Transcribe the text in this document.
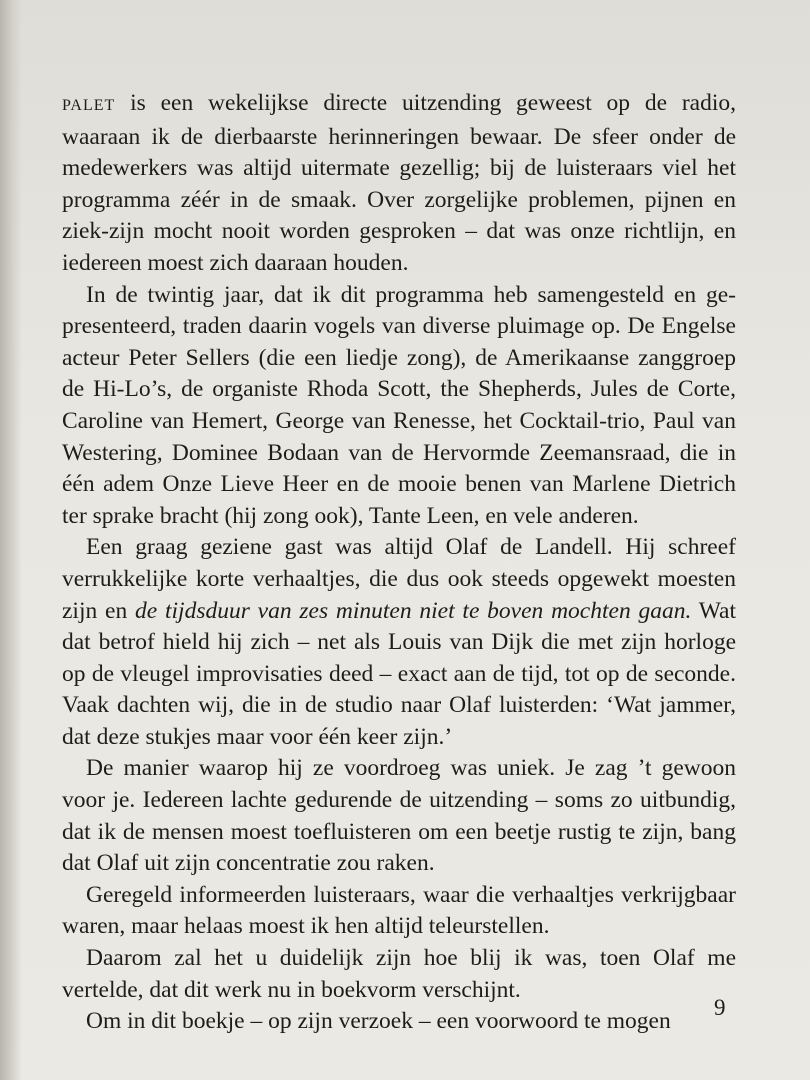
PALET is een wekelijkse directe uitzending geweest op de radio, waaraan ik de dierbaarste herinneringen bewaar. De sfeer onder de medewerkers was altijd uitermate gezellig; bij de luisteraars viel het programma zéér in de smaak. Over zorgelijke problemen, pijnen en ziek-zijn mocht nooit worden gesproken – dat was onze richtlijn, en iedereen moest zich daaraan houden.

In de twintig jaar, dat ik dit programma heb samengesteld en gepresenteerd, traden daarin vogels van diverse pluimage op. De Engelse acteur Peter Sellers (die een liedje zong), de Amerikaanse zanggroep de Hi-Lo’s, de organiste Rhoda Scott, the Shepherds, Jules de Corte, Caroline van Hemert, George van Renesse, het Cocktail-trio, Paul van Westering, Dominee Bodaan van de Hervormde Zeemansraad, die in één adem Onze Lieve Heer en de mooie benen van Marlene Dietrich ter sprake bracht (hij zong ook), Tante Leen, en vele anderen.

Een graag geziene gast was altijd Olaf de Landell. Hij schreef verrukkelijke korte verhaaltjes, die dus ook steeds opgewekt moesten zijn en de tijdsduur van zes minuten niet te boven mochten gaan. Wat dat betrof hield hij zich – net als Louis van Dijk die met zijn horloge op de vleugel improvisaties deed – exact aan de tijd, tot op de seconde. Vaak dachten wij, die in de studio naar Olaf luisterden: ‘Wat jammer, dat deze stukjes maar voor één keer zijn.’

De manier waarop hij ze voordroeg was uniek. Je zag ’t gewoon voor je. Iedereen lachte gedurende de uitzending – soms zo uitbundig, dat ik de mensen moest toefluisteren om een beetje rustig te zijn, bang dat Olaf uit zijn concentratie zou raken.

Geregeld informeerden luisteraars, waar die verhaaltjes verkrijgbaar waren, maar helaas moest ik hen altijd teleurstellen.

Daarom zal het u duidelijk zijn hoe blij ik was, toen Olaf me vertelde, dat dit werk nu in boekvorm verschijnt.

Om in dit boekje – op zijn verzoek – een voorwoord te mogen

9
